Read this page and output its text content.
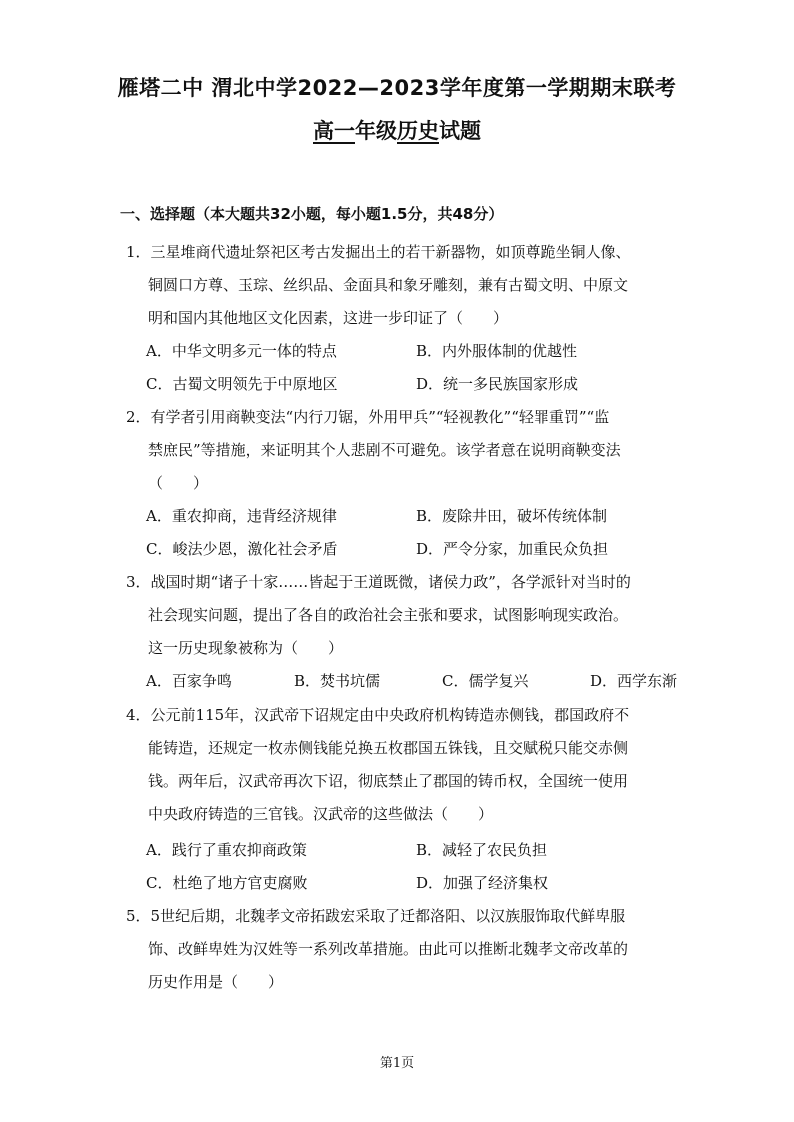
雁塔二中 渭北中学2022—2023学年度第一学期期末联考
高一年级历史试题
一、选择题（本大题共32小题，每小题1.5分，共48分）
1．三星堆商代遗址祭祀区考古发掘出土的若干新器物，如顶尊跪坐铜人像、
铜圆口方尊、玉琮、丝织品、金面具和象牙雕刻，兼有古蜀文明、中原文
明和国内其他地区文化因素，这进一步印证了（　　）
A．中华文明多元一体的特点	B．内外服体制的优越性
C．古蜀文明领先于中原地区	D．统一多民族国家形成
2．有学者引用商鞅变法“内行刀锯，外用甲兵”“轻视教化”“轻罪重罚”“监
禁庶民”等措施，来证明其个人悲剧不可避免。该学者意在说明商鞅变法
（　　）
A．重农抑商，违背经济规律	B．废除井田，破坏传统体制
C．峻法少恩，激化社会矛盾	D．严令分家，加重民众负担
3．战国时期“诸子十家……皆起于王道既微，诸侯力政”，各学派针对当时的
社会现实问题，提出了各自的政治社会主张和要求，试图影响现实政治。
这一历史现象被称为（　　）
A．百家争鸣	B．焚书坑儒	C．儒学复兴	D．西学东渐
4．公元前115年，汉武帝下诏规定由中央政府机构铸造赤侧钱，郡国政府不
能铸造，还规定一枚赤侧钱能兑换五枚郡国五铢钱，且交赋税只能交赤侧
钱。两年后，汉武帝再次下诏，彻底禁止了郡国的铸币权，全国统一使用
中央政府铸造的三官钱。汉武帝的这些做法（　　）
A．践行了重农抑商政策	B．减轻了农民负担
C．杜绝了地方官吏腐败	D．加强了经济集权
5．5世纪后期，北魏孝文帝拓跋宏采取了迁都洛阳、以汉族服饰取代鲜卑服
饰、改鲜卑姓为汉姓等一系列改革措施。由此可以推断北魏孝文帝改革的
历史作用是（　　）
第1页
